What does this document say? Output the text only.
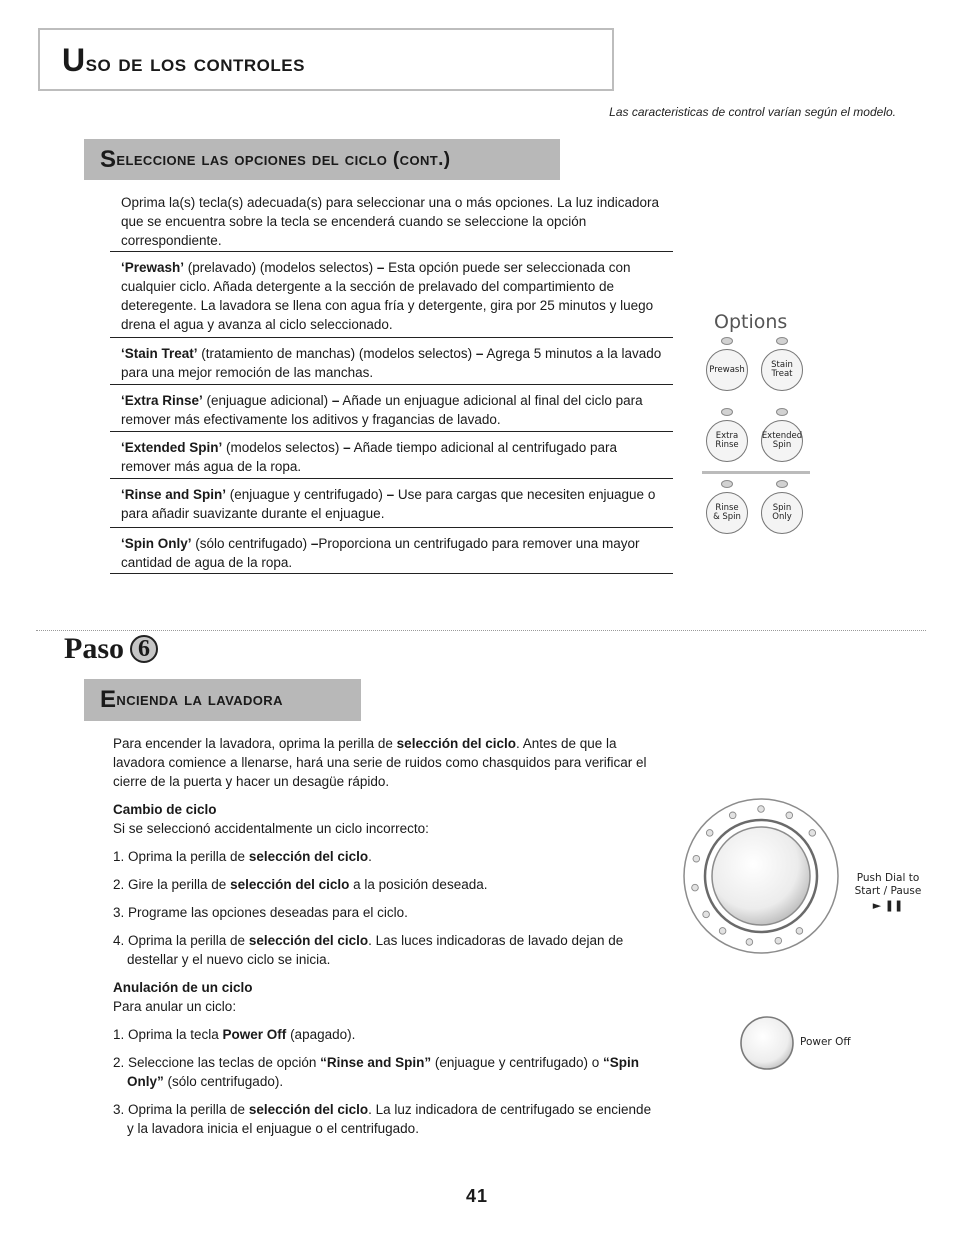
Uso de los controles
Las caracteristicas de control varían según el modelo.
S eleccione las opciones del ciclo (cont.)
Oprima la(s) tecla(s) adecuada(s) para seleccionar una o más opciones. La luz indicadora que se encuentra sobre la tecla se encenderá cuando se seleccione la opción correspondiente.
‘Prewash’ (prelavado) (modelos selectos) – Esta opción puede ser seleccionada con cualquier ciclo. Añada detergente a la sección de prelavado del compartimiento de deteregente. La lavadora se llena con agua fría y detergente, gira por 25 minutos y luego drena el agua y avanza al ciclo seleccionado.
‘Stain Treat’ (tratamiento de manchas) (modelos selectos) – Agrega 5 minutos a la lavado para una mejor remoción de las manchas.
‘Extra Rinse’ (enjuague adicional) – Añade un enjuague adicional al final del ciclo para remover más efectivamente los aditivos y fragancias de lavado.
‘Extended Spin’ (modelos selectos) – Añade tiempo adicional al centrifugado para remover más agua de la ropa.
‘Rinse and Spin’ (enjuague y centrifugado) – Use para cargas que necesiten enjuague o para añadir suavizante durante el enjuague.
‘Spin Only’ (sólo centrifugado) –Proporciona un centrifugado para remover una mayor cantidad de agua de la ropa.
Options
Prewash	Stain
Treat
Extra
Rinse
Extended
Spin
Rinse
& Spin
Spin
Only
Paso 6
E ncienda la lavadora

Para encender la lavadora, oprima la perilla de selección del ciclo. Antes de que la lavadora comience a llenarse, hará una serie de ruidos como chasquidos para verificar el cierre de la puerta y hacer un desagüe rápido.

Cambio de ciclo

Si se seleccionó accidentalmente un ciclo incorrecto:

1. Oprima la perilla de selección del ciclo.

2. Gire la perilla de selección del ciclo a la posición deseada.

3. Programe las opciones deseadas para el ciclo.

4. Oprima la perilla de selección del ciclo. Las luces indicadoras de lavado dejan de destellar y el nuevo ciclo se inicia.

Anulación de un ciclo

Para anular un ciclo:

1. Oprima la tecla Power Off (apagado).

2. Seleccione las teclas de opción “Rinse and Spin” (enjuague y centrifugado) o “Spin Only” (sólo centrifugado).

3. Oprima la perilla de selección del ciclo. La luz indicadora de centrifugado se enciende y la lavadora inicia el enjuague o el centrifugado.

Push Dial to
Start / Pause
► ❚❚
Power Off
41
